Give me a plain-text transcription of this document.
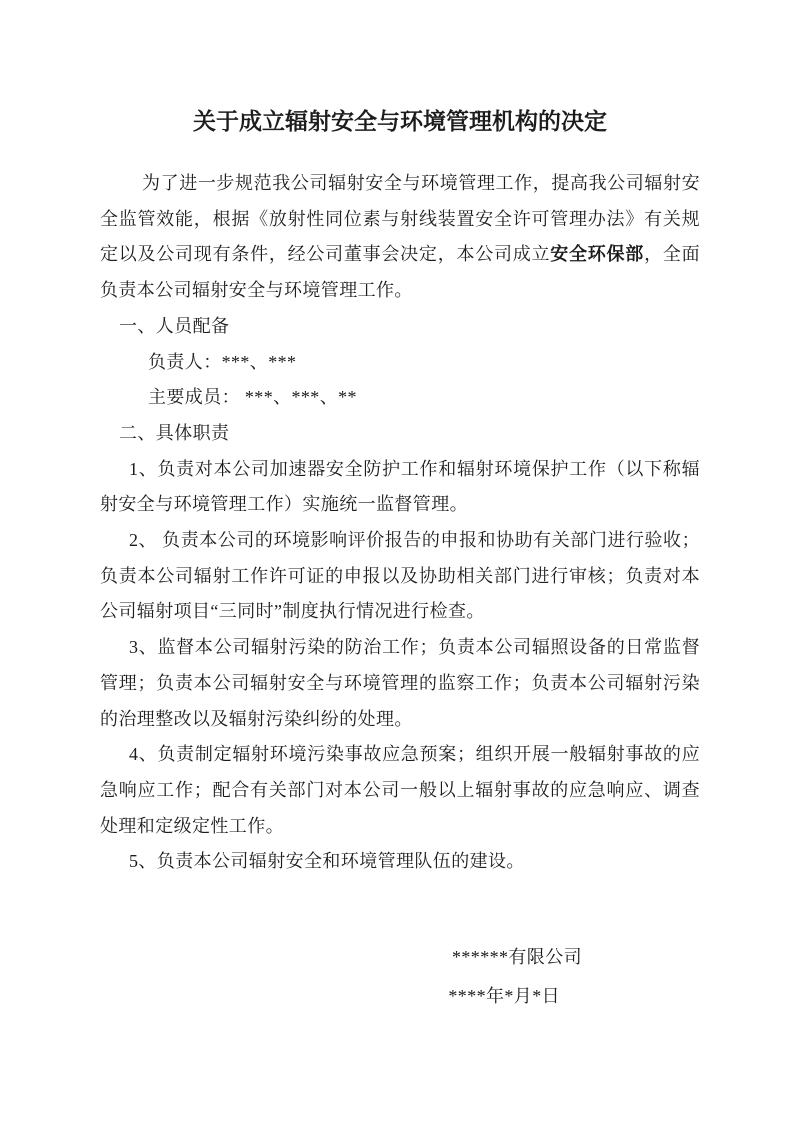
关于成立辐射安全与环境管理机构的决定

为了进一步规范我公司辐射安全与环境管理工作，提高我公司辐射安全监管效能，根据《放射性同位素与射线装置安全许可管理办法》有关规定以及公司现有条件，经公司董事会决定，本公司成立安全环保部，全面负责本公司辐射安全与环境管理工作。

一、人员配备

负责人：***、***

主要成员： ***、***、**

二、具体职责

1、负责对本公司加速器安全防护工作和辐射环境保护工作（以下称辐射安全与环境管理工作）实施统一监督管理。

2、 负责本公司的环境影响评价报告的申报和协助有关部门进行验收；负责本公司辐射工作许可证的申报以及协助相关部门进行审核；负责对本公司辐射项目“三同时”制度执行情况进行检查。

3、监督本公司辐射污染的防治工作；负责本公司辐照设备的日常监督管理；负责本公司辐射安全与环境管理的监察工作；负责本公司辐射污染的治理整改以及辐射污染纠纷的处理。

4、负责制定辐射环境污染事故应急预案；组织开展一般辐射事故的应急响应工作；配合有关部门对本公司一般以上辐射事故的应急响应、调查处理和定级定性工作。

5、负责本公司辐射安全和环境管理队伍的建设。

******有限公司

****年*月*日
